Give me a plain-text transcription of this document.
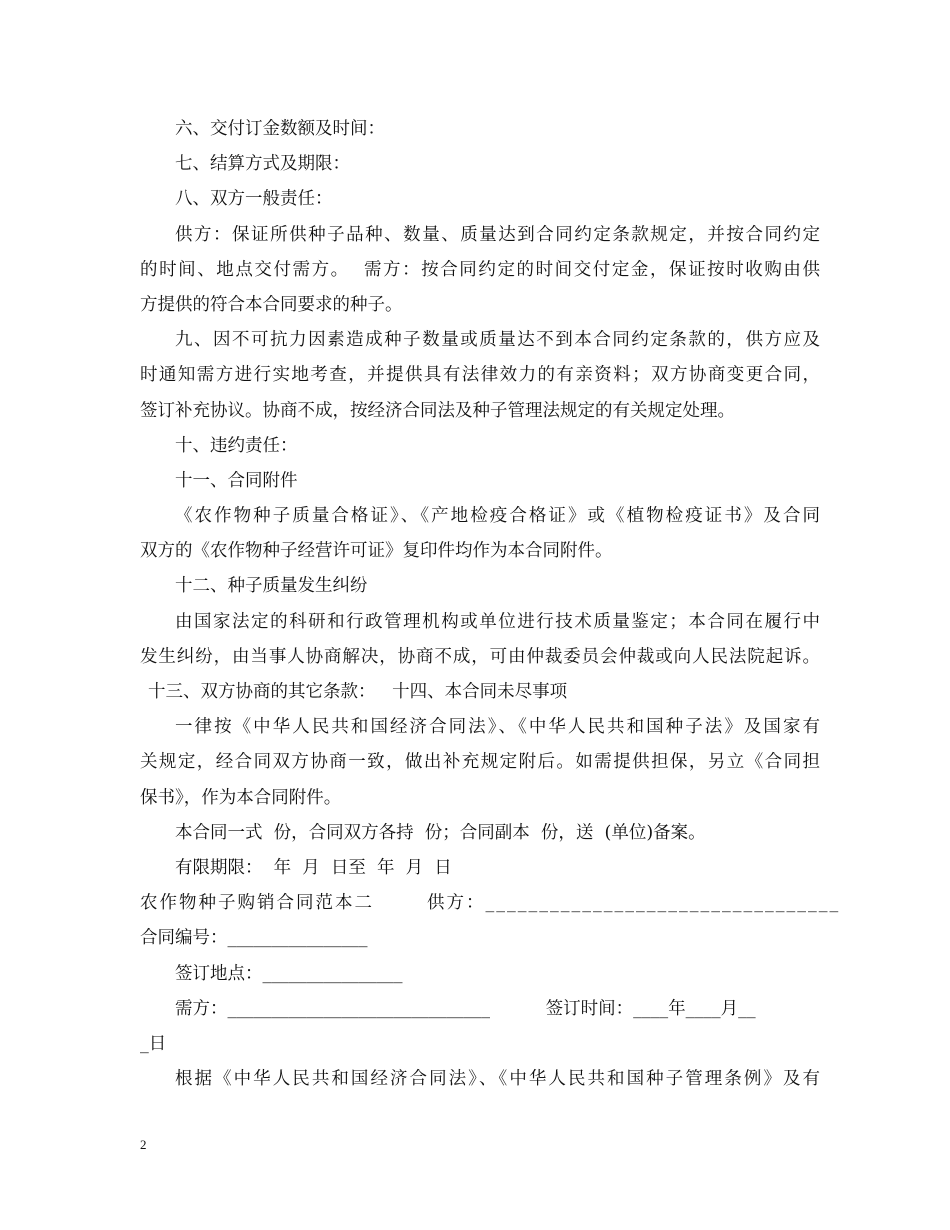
六、交付订金数额及时间：
七、结算方式及期限：
八、双方一般责任：
供方：保证所供种子品种、数量、质量达到合同约定条款规定，并按合同约定
的时间、地点交付需方。  需方：按合同约定的时间交付定金，保证按时收购由供
方提供的符合本合同要求的种子。
九、因不可抗力因素造成种子数量或质量达不到本合同约定条款的，供方应及
时通知需方进行实地考查，并提供具有法律效力的有亲资料；双方协商变更合同，
签订补充协议。协商不成，按经济合同法及种子管理法规定的有关规定处理。
十、违约责任：
十一、合同附件
《农作物种子质量合格证》、《产地检疫合格证》或《植物检疫证书》及合同
双方的《农作物种子经营许可证》复印件均作为本合同附件。
十二、种子质量发生纠纷
由国家法定的科研和行政管理机构或单位进行技术质量鉴定；本合同在履行中
发生纠纷，由当事人协商解决，协商不成，可由仲裁委员会仲裁或向人民法院起诉。
十三、双方协商的其它条款：   十四、本合同未尽事项
一律按《中华人民共和国经济合同法》、《中华人民共和国种子法》及国家有
关规定，经合同双方协商一致，做出补充规定附后。如需提供担保，另立《合同担
保书》，作为本合同附件。
本合同一式  份，合同双方各持  份；合同副本  份，送  (单位)备案。
有限期限：  年  月  日至  年  月  日
农作物种子购销合同范本二       供方：_________________________________
合同编号：________________
签订地点：________________
需方：______________________________          签订时间：____年____月__
_日
根据《中华人民共和国经济合同法》、《中华人民共和国种子管理条例》及有
2
